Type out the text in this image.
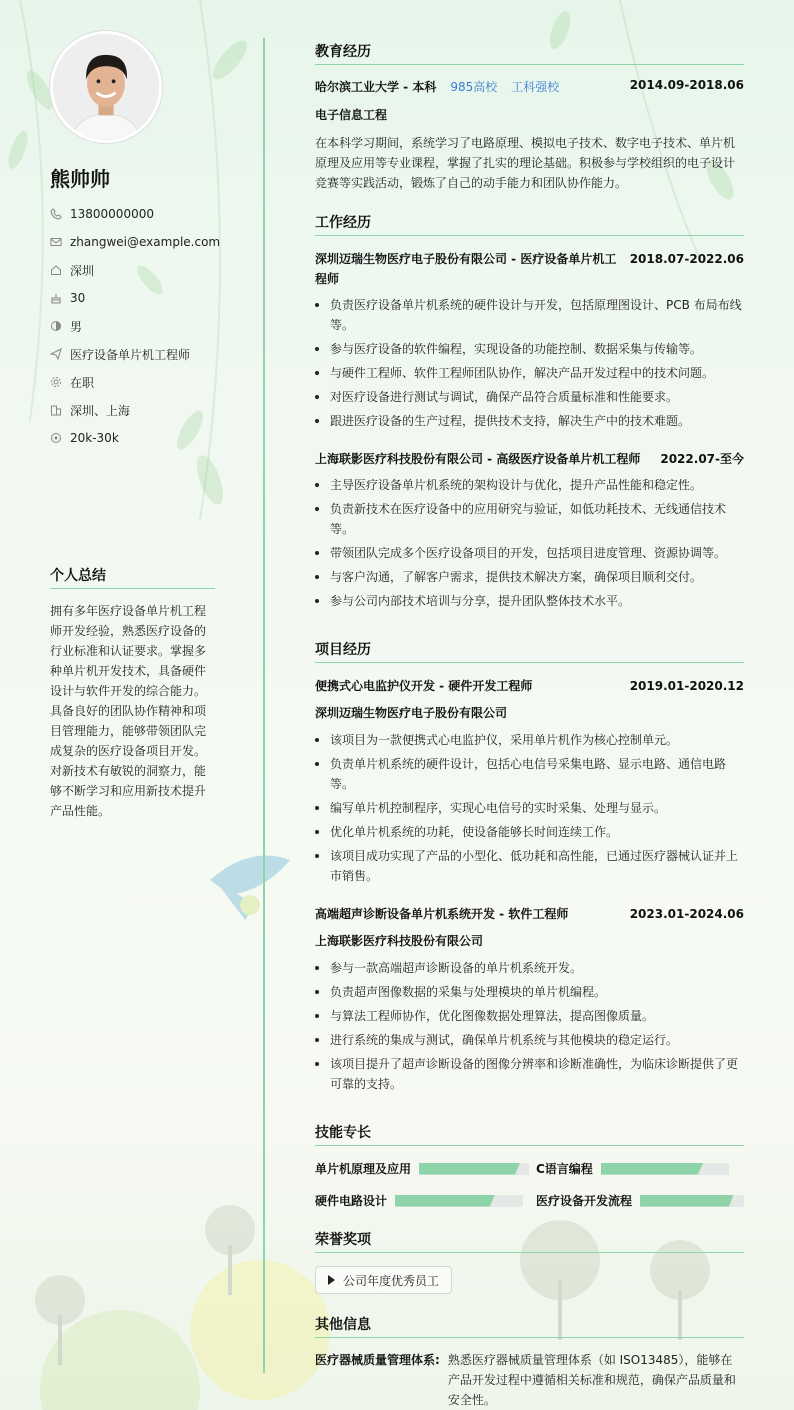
熊帅帅
13800000000
zhangwei@example.com
深圳
30
男
医疗设备单片机工程师
在职
深圳、上海
20k-30k
个人总结
拥有多年医疗设备单片机工程师开发经验，熟悉医疗设备的行业标准和认证要求。掌握多种单片机开发技术，具备硬件设计与软件开发的综合能力。具备良好的团队协作精神和项目管理能力，能够带领团队完成复杂的医疗设备项目开发。对新技术有敏锐的洞察力，能够不断学习和应用新技术提升产品性能。
教育经历
哈尔滨工业大学 - 本科 985高校 工科强校	2014.09-2018.06
电子信息工程
在本科学习期间，系统学习了电路原理、模拟电子技术、数字电子技术、单片机原理及应用等专业课程，掌握了扎实的理论基础。积极参与学校组织的电子设计竞赛等实践活动，锻炼了自己的动手能力和团队协作能力。
工作经历
深圳迈瑞生物医疗电子股份有限公司 - 医疗设备单片机工程师
2018.07-2022.06
负责医疗设备单片机系统的硬件设计与开发，包括原理图设计、PCB 布局布线等。
参与医疗设备的软件编程，实现设备的功能控制、数据采集与传输等。
与硬件工程师、软件工程师团队协作，解决产品开发过程中的技术问题。
对医疗设备进行测试与调试，确保产品符合质量标准和性能要求。
跟进医疗设备的生产过程，提供技术支持，解决生产中的技术难题。
上海联影医疗科技股份有限公司 - 高级医疗设备单片机工程师 2022.07-至今
主导医疗设备单片机系统的架构设计与优化，提升产品性能和稳定性。
负责新技术在医疗设备中的应用研究与验证，如低功耗技术、无线通信技术等。
带领团队完成多个医疗设备项目的开发，包括项目进度管理、资源协调等。
与客户沟通，了解客户需求，提供技术解决方案，确保项目顺利交付。
参与公司内部技术培训与分享，提升团队整体技术水平。
项目经历
便携式心电监护仪开发 - 硬件开发工程师	2019.01-2020.12
深圳迈瑞生物医疗电子股份有限公司
该项目为一款便携式心电监护仪，采用单片机作为核心控制单元。
负责单片机系统的硬件设计，包括心电信号采集电路、显示电路、通信电路等。
编写单片机控制程序，实现心电信号的实时采集、处理与显示。
优化单片机系统的功耗，使设备能够长时间连续工作。
该项目成功实现了产品的小型化、低功耗和高性能，已通过医疗器械认证并上市销售。
高端超声诊断设备单片机系统开发 - 软件工程师	2023.01-2024.06
上海联影医疗科技股份有限公司
参与一款高端超声诊断设备的单片机系统开发。
负责超声图像数据的采集与处理模块的单片机编程。
与算法工程师协作，优化图像数据处理算法，提高图像质量。
进行系统的集成与测试，确保单片机系统与其他模块的稳定运行。
该项目提升了超声诊断设备的图像分辨率和诊断准确性，为临床诊断提供了更可靠的支持。
技能专长
单片机原理及应用	C语言编程
硬件电路设计	医疗设备开发流程
荣誉奖项
公司年度优秀员工
其他信息
医疗器械质量管理体系: 熟悉医疗器械质量管理体系（如 ISO13485），能够在产品开发过程中遵循相关标准和规范，确保产品质量和安全性。
